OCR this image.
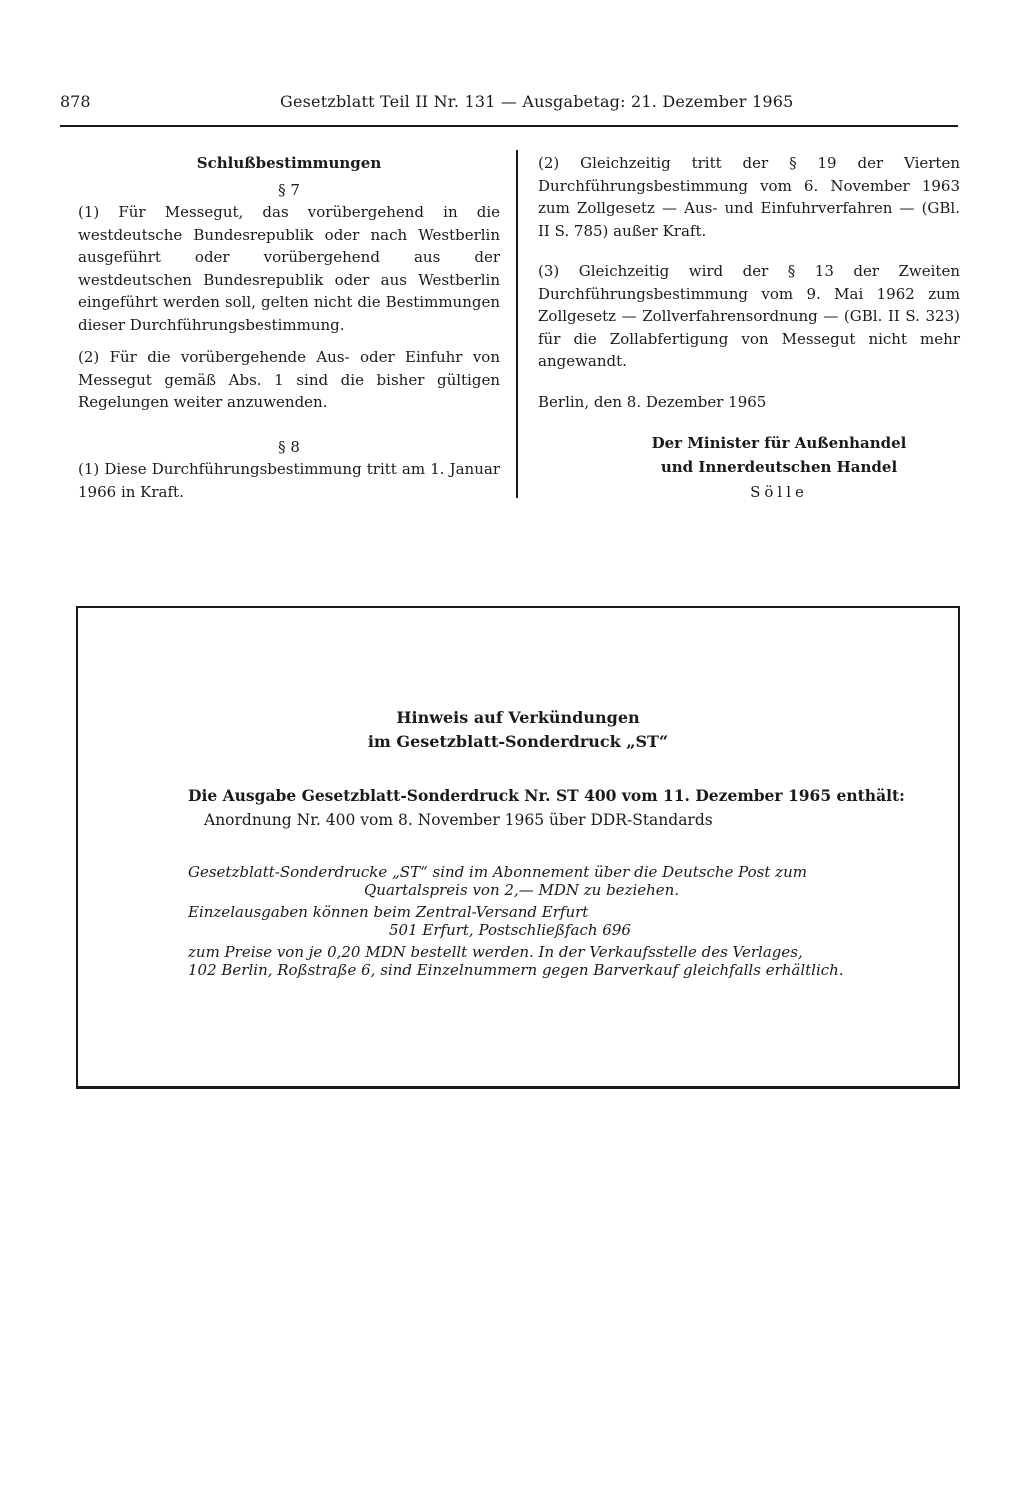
878	Gesetzblatt Teil II Nr. 131 — Ausgabetag: 21. Dezember 1965
Schlußbestimmungen
§ 7

(1) Für Messegut, das vorübergehend in die westdeutsche Bundesrepublik oder nach Westberlin ausgeführt oder vorübergehend aus der westdeutschen Bundesrepublik oder aus Westberlin eingeführt werden soll, gelten nicht die Bestimmungen dieser Durchführungsbestimmung.

(2) Für die vorübergehende Aus- oder Einfuhr von Messegut gemäß Abs. 1 sind die bisher gültigen Regelungen weiter anzuwenden.

§ 8

(1) Diese Durchführungsbestimmung tritt am 1. Januar 1966 in Kraft.

(2) Gleichzeitig tritt der § 19 der Vierten Durchführungsbestimmung vom 6. November 1963 zum Zollgesetz — Aus- und Einfuhrverfahren — (GBl. II S. 785) außer Kraft.

(3) Gleichzeitig wird der § 13 der Zweiten Durchführungsbestimmung vom 9. Mai 1962 zum Zollgesetz — Zollverfahrensordnung — (GBl. II S. 323) für die Zollabfertigung von Messegut nicht mehr angewandt.

Berlin, den 8. Dezember 1965

Der Minister für Außenhandel
und Innerdeutschen Handel
Sölle
Hinweis auf Verkündungen
im Gesetzblatt-Sonderdruck „ST“
Die Ausgabe Gesetzblatt-Sonderdruck Nr. ST 400 vom 11. Dezember 1965 enthält:
Anordnung Nr. 400 vom 8. November 1965 über DDR-Standards
Gesetzblatt-Sonderdrucke „ST“ sind im Abonnement über die Deutsche Post zum
Quartalspreis von 2,— MDN zu beziehen.
Einzelausgaben können beim Zentral-Versand Erfurt
501 Erfurt, Postschließfach 696
zum Preise von je 0,20 MDN bestellt werden. In der Verkaufsstelle des Verlages,
102 Berlin, Roßstraße 6, sind Einzelnummern gegen Barverkauf gleichfalls erhältlich.
